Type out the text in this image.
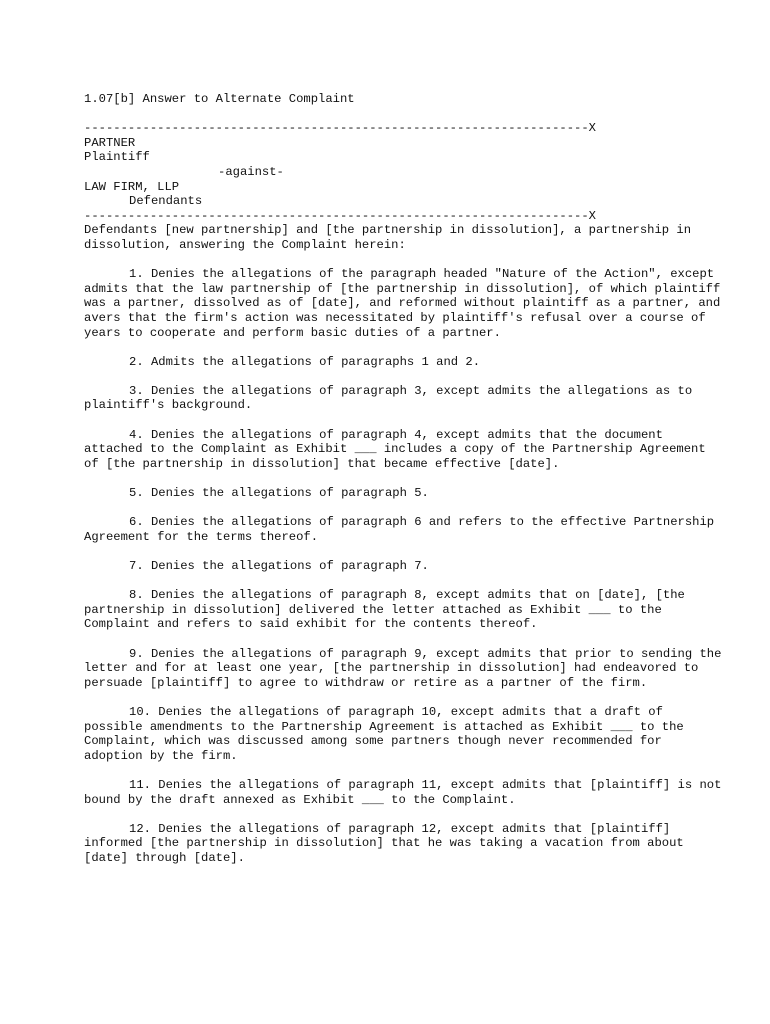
1.07[b] Answer to Alternate Complaint

---------------------------------------------------------------------X

PARTNER

Plaintiff

-against-

LAW FIRM, LLP

Defendants

---------------------------------------------------------------------X

Defendants [new partnership] and [the partnership in dissolution], a partnership in dissolution, answering the Complaint herein:

1. Denies the allegations of the paragraph headed "Nature of the Action", except admits that the law partnership of [the partnership in dissolution], of which plaintiff was a partner, dissolved as of [date], and reformed without plaintiff as a partner, and avers that the firm's action was necessitated by plaintiff's refusal over a course of years to cooperate and perform basic duties of a partner.

2. Admits the allegations of paragraphs 1 and 2.

3. Denies the allegations of paragraph 3, except admits the allegations as to plaintiff's background.

4. Denies the allegations of paragraph 4, except admits that the document attached to the Complaint as Exhibit ___ includes a copy of the Partnership Agreement of [the partnership in dissolution] that became effective [date].

5. Denies the allegations of paragraph 5.

6. Denies the allegations of paragraph 6 and refers to the effective Partnership Agreement for the terms thereof.

7. Denies the allegations of paragraph 7.

8. Denies the allegations of paragraph 8, except admits that on [date], [the partnership in dissolution] delivered the letter attached as Exhibit ___ to the Complaint and refers to said exhibit for the contents thereof.

9. Denies the allegations of paragraph 9, except admits that prior to sending the letter and for at least one year, [the partnership in dissolution] had endeavored to persuade [plaintiff] to agree to withdraw or retire as a partner of the firm.

10. Denies the allegations of paragraph 10, except admits that a draft of possible amendments to the Partnership Agreement is attached as Exhibit ___ to the Complaint, which was discussed among some partners though never recommended for adoption by the firm.

11. Denies the allegations of paragraph 11, except admits that [plaintiff] is not bound by the draft annexed as Exhibit ___ to the Complaint.

12. Denies the allegations of paragraph 12, except admits that [plaintiff] informed [the partnership in dissolution] that he was taking a vacation from about [date] through [date].
